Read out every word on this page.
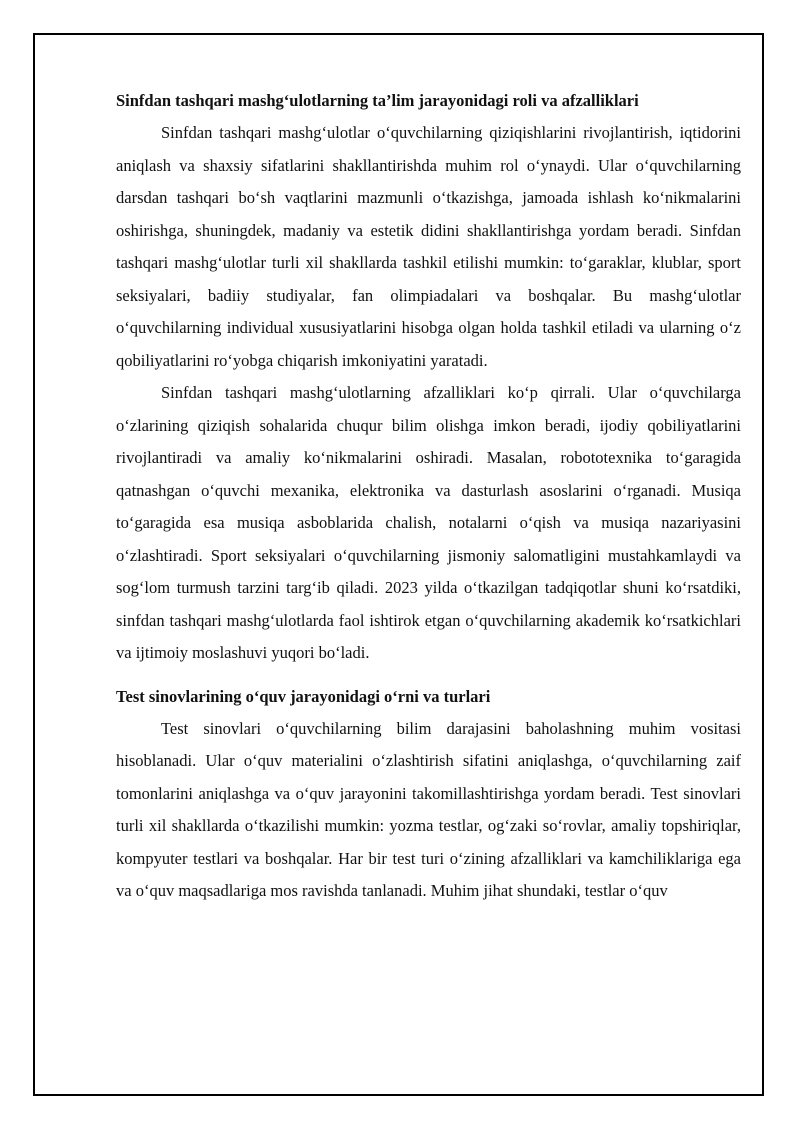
Sinfdan tashqari mashg‘ulotlarning ta’lim jarayonidagi roli va afzalliklari

Sinfdan tashqari mashg‘ulotlar o‘quvchilarning qiziqishlarini rivojlantirish, iqtidorini aniqlash va shaxsiy sifatlarini shakllantirishda muhim rol o‘ynaydi. Ular o‘quvchilarning darsdan tashqari bo‘sh vaqtlarini mazmunli o‘tkazishga, jamoada ishlash ko‘nikmalarini oshirishga, shuningdek, madaniy va estetik didini shakllantirishga yordam beradi. Sinfdan tashqari mashg‘ulotlar turli xil shakllarda tashkil etilishi mumkin: to‘garaklar, klublar, sport seksiyalari, badiiy studiyalar, fan olimpiadalari va boshqalar. Bu mashg‘ulotlar o‘quvchilarning individual xususiyatlarini hisobga olgan holda tashkil etiladi va ularning o‘z qobiliyatlarini ro‘yobga chiqarish imkoniyatini yaratadi.

Sinfdan tashqari mashg‘ulotlarning afzalliklari ko‘p qirrali. Ular o‘quvchilarga o‘zlarining qiziqish sohalarida chuqur bilim olishga imkon beradi, ijodiy qobiliyatlarini rivojlantiradi va amaliy ko‘nikmalarini oshiradi. Masalan, robototexnika to‘garagida qatnashgan o‘quvchi mexanika, elektronika va dasturlash asoslarini o‘rganadi. Musiqa to‘garagida esa musiqa asboblarida chalish, notalarni o‘qish va musiqa nazariyasini o‘zlashtiradi. Sport seksiyalari o‘quvchilarning jismoniy salomatligini mustahkamlaydi va sog‘lom turmush tarzini targ‘ib qiladi. 2023 yilda o‘tkazilgan tadqiqotlar shuni ko‘rsatdiki, sinfdan tashqari mashg‘ulotlarda faol ishtirok etgan o‘quvchilarning akademik ko‘rsatkichlari va ijtimoiy moslashuvi yuqori bo‘ladi.

Test sinovlarining o‘quv jarayonidagi o‘rni va turlari

Test sinovlari o‘quvchilarning bilim darajasini baholashning muhim vositasi hisoblanadi. Ular o‘quv materialini o‘zlashtirish sifatini aniqlashga, o‘quvchilarning zaif tomonlarini aniqlashga va o‘quv jarayonini takomillashtirishga yordam beradi. Test sinovlari turli xil shakllarda o‘tkazilishi mumkin: yozma testlar, og‘zaki so‘rovlar, amaliy topshiriqlar, kompyuter testlari va boshqalar. Har bir test turi o‘zining afzalliklari va kamchiliklariga ega va o‘quv maqsadlariga mos ravishda tanlanadi. Muhim jihat shundaki, testlar o‘quv
